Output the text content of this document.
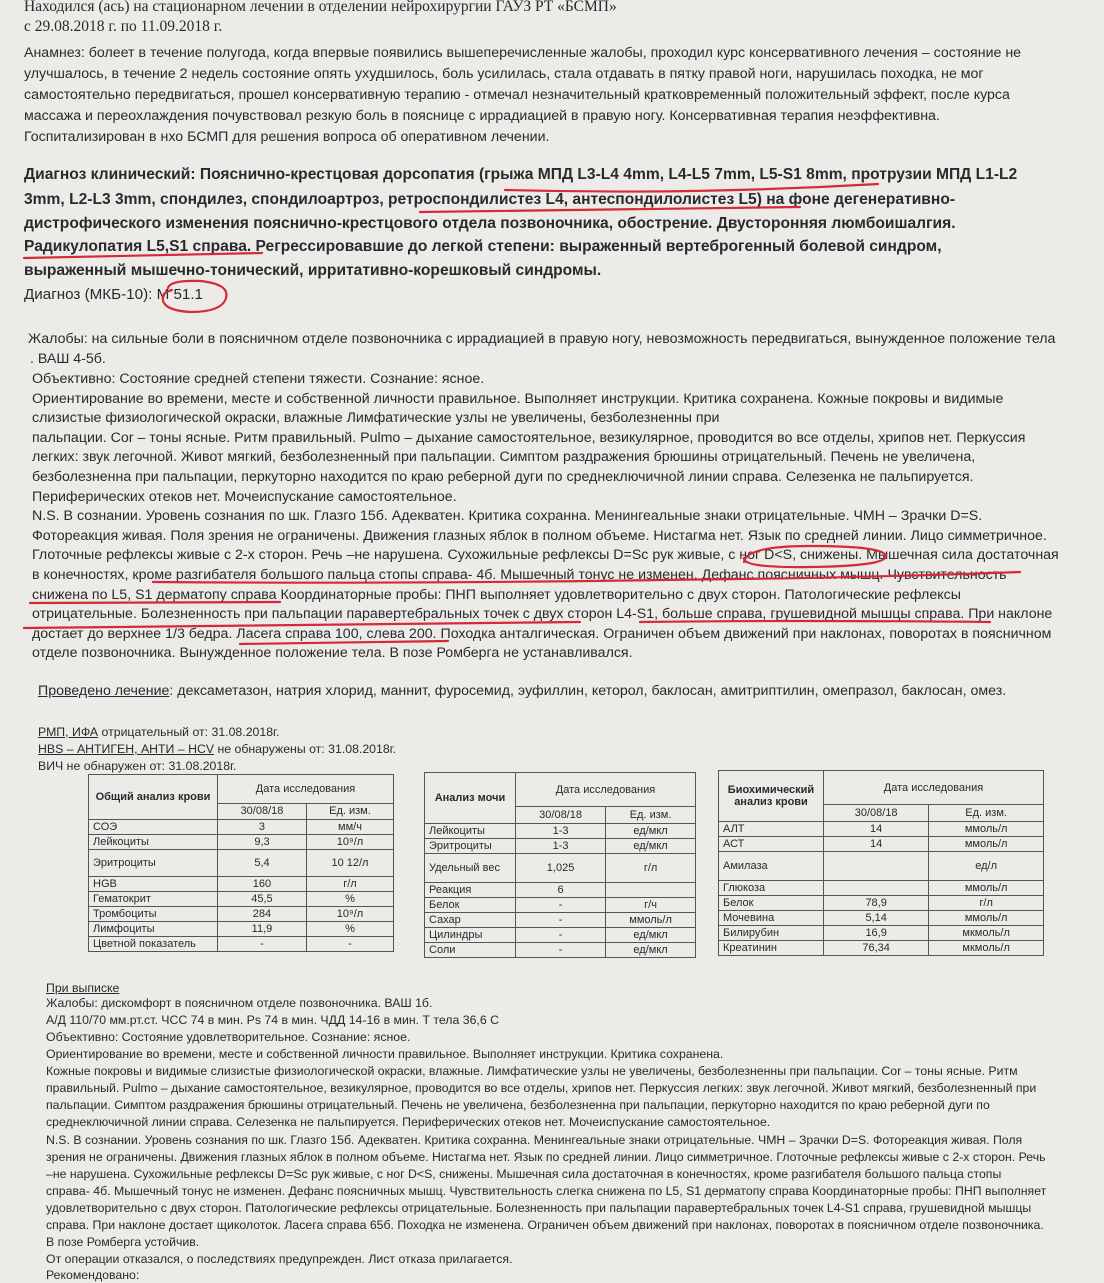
Находился (ась) на стационарном лечении в отделении нейрохирургии ГАУЗ РТ «БСМП»
с 29.08.2018 г. по 11.09.2018 г.
Анамнез: болеет в течение полугода, когда впервые появились вышеперечисленные жалобы, проходил курс консервативного лечения – состояние не
улучшалось, в течение 2 недель состояние опять ухудшилось, боль усилилась, стала отдавать в пятку правой ноги, нарушилась походка, не мог
самостоятельно передвигаться, прошел консервативную терапию - отмечал незначительный кратковременный положительный эффект, после курса
массажа и переохлаждения почувствовал резкую боль в пояснице с иррадиацией в правую ногу. Консервативная терапия неэффективна.
Госпитализирован в нхо БСМП для решения вопроса об оперативном лечении.
Диагноз клинический: Пояснично-крестцовая дорсопатия (грыжа МПД L3-L4 4mm, L4-L5 7mm, L5-S1 8mm, протрузии МПД L1-L2
3mm, L2-L3 3mm, спондилез, спондилоартроз, ретроспондилистез L4, антеспондилолистез L5) на фоне дегенеративно-
дистрофического изменения пояснично-крестцового отдела позвоночника, обострение. Двусторонняя люмбоишалгия.
Радикулопатия L5,S1 справа. Регрессировавшие до легкой степени: выраженный вертеброгенный болевой синдром,
выраженный мышечно-тонический, ирритативно-корешковый синдромы.
Диагноз (МКБ-10): М 51.1
Жалобы: на сильные боли в поясничном отделе позвоночника с иррадиацией в правую ногу, невозможность передвигаться, вынужденное положение тела
. ВАШ 4-5б.
Объективно: Состояние средней степени тяжести. Сознание: ясное.
Ориентирование во времени, месте и собственной личности правильное. Выполняет инструкции. Критика сохранена. Кожные покровы и видимые
слизистые физиологической окраски, влажные Лимфатические узлы не увеличены, безболезненны при
пальпации. Cor – тоны ясные. Ритм правильный. Pulmo – дыхание самостоятельное, везикулярное, проводится во все отделы, хрипов нет. Перкуссия
легких: звук легочной. Живот мягкий, безболезненный при пальпации. Симптом раздражения брюшины отрицательный. Печень не увеличена,
безболезненна при пальпации, перкуторно находится по краю реберной дуги по среднеключичной линии справа. Селезенка не пальпируется.
Периферических отеков нет. Мочеиспускание самостоятельное.
N.S. В сознании. Уровень сознания по шк. Глазго 15б. Адекватен. Критика сохранна. Менингеальные знаки отрицательные. ЧМН – Зрачки D=S.
Фотореакция живая. Поля зрения не ограничены. Движения глазных яблок в полном объеме. Нистагма нет. Язык по средней линии. Лицо симметричное.
Глоточные рефлексы живые с 2-х сторон. Речь –не нарушена. Сухожильные рефлексы D=Sc рук живые, с ног D<S, снижены. Мышечная сила достаточная
в конечностях, кроме разгибателя большого пальца стопы справа- 4б. Мышечный тонус не изменен. Дефанс поясничных мышц. Чувствительность
снижена по L5, S1 дерматопу справа Координаторные пробы: ПНП выполняет удовлетворительно с двух сторон. Патологические рефлексы
отрицательные. Болезненность при пальпации паравертебральных точек с двух сторон L4-S1, больше справа, грушевидной мышцы справа. При наклоне
достает до верхнее 1/3 бедра. Ласега справа 100, слева 200. Походка анталгическая. Ограничен объем движений при наклонах, поворотах в поясничном
отделе позвоночника. Вынужденное положение тела. В позе Ромберга не устанавливался.
Проведено лечение: дексаметазон, натрия хлорид, маннит, фуросемид, эуфиллин, кеторол, баклосан, амитриптилин, омепразол, баклосан, омез.
РМП, ИФА отрицательный от: 31.08.2018г.
HBS – АНТИГЕН, АНТИ – HCV не обнаружены от: 31.08.2018г.
ВИЧ не обнаружен от: 31.08.2018г.
Общий анализ крови	Дата исследования	
	30/08/18	Ед. изм.
СОЭ	3	мм/ч
Лейкоциты	9,3	10⁹/л
Эритроциты	5,4	10 12/л
HGB	160	г/л
Гематокрит	45,5	%
Тромбоциты	284	10⁹/л
Лимфоциты	11,9	%
Цветной показатель	-	-
Анализ мочи	Дата исследования	
	30/08/18	Ед. изм.
Лейкоциты	1-3	ед/мкл
Эритроциты	1-3	ед/мкл
Удельный вес	1,025	г/л
Реакция	6	
Белок	-	г/ч
Сахар	-	ммоль/л
Цилиндры	-	ед/мкл
Соли	-	ед/мкл
Биохимический анализ крови	Дата исследования	
	30/08/18	Ед. изм.
АЛТ	14	ммоль/л
АСТ	14	ммоль/л
Амилаза		ед/л
Глюкоза		ммоль/л
Белок	78,9	г/л
Мочевина	5,14	ммоль/л
Билирубин	16,9	мкмоль/л
Креатинин	76,34	мкмоль/л
При выписке
Жалобы: дискомфорт в поясничном отделе позвоночника. ВАШ 1б.
А/Д 110/70 мм.рт.ст. ЧСС 74 в мин. Ps 74 в мин. ЧДД 14-16 в мин. Т тела 36,6 С
Объективно: Состояние удовлетворительное. Сознание: ясное.
Ориентирование во времени, месте и собственной личности правильное. Выполняет инструкции. Критика сохранена.
Кожные покровы и видимые слизистые физиологической окраски, влажные. Лимфатические узлы не увеличены, безболезненны при пальпации. Cor – тоны ясные. Ритм
правильный. Pulmo – дыхание самостоятельное, везикулярное, проводится во все отделы, хрипов нет. Перкуссия легких: звук легочной. Живот мягкий, безболезненный при
пальпации. Симптом раздражения брюшины отрицательный. Печень не увеличена, безболезненна при пальпации, перкуторно находится по краю реберной дуги по
среднеключичной линии справа. Селезенка не пальпируется. Периферических отеков нет. Мочеиспускание самостоятельное.
N.S. В сознании. Уровень сознания по шк. Глазго 15б. Адекватен. Критика сохранна. Менингеальные знаки отрицательные. ЧМН – Зрачки D=S. Фотореакция живая. Поля
зрения не ограничены. Движения глазных яблок в полном объеме. Нистагма нет. Язык по средней линии. Лицо симметричное. Глоточные рефлексы живые с 2-х сторон. Речь
–не нарушена. Сухожильные рефлексы D=Sc рук живые, с ног D<S, снижены. Мышечная сила достаточная в конечностях, кроме разгибателя большого пальца стопы
справа- 4б. Мышечный тонус не изменен. Дефанс поясничных мышц. Чувствительность слегка снижена по L5, S1 дерматопу справа Координаторные пробы: ПНП выполняет
удовлетворительно с двух сторон. Патологические рефлексы отрицательные. Болезненность при пальпации паравертебральных точек L4-S1 справа, грушевидной мышцы
справа. При наклоне достает щиколоток. Ласега справа 65б. Походка не изменена. Ограничен объем движений при наклонах, поворотах в поясничном отделе позвоночника.
В позе Ромберга устойчив.
От операции отказался, о последствиях предупрежден. Лист отказа прилагается.
Рекомендовано:
